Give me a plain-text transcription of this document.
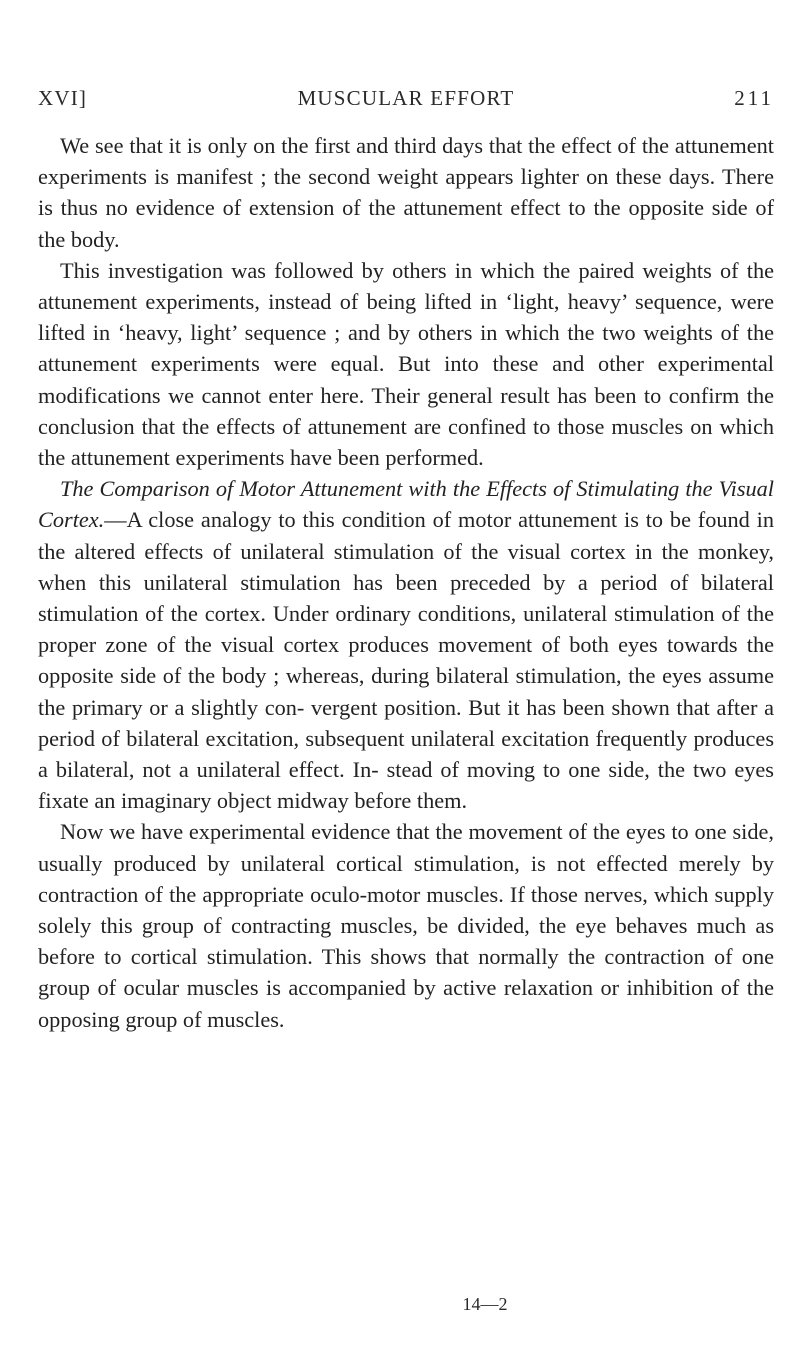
XVI]	MUSCULAR EFFORT	211

We see that it is only on the first and third days that the effect of the attunement experiments is manifest ; the second weight appears lighter on these days. There is thus no evidence of extension of the attunement effect to the opposite side of the body.

This investigation was followed by others in which the paired weights of the attunement experiments, instead of being lifted in ‘light, heavy’ sequence, were lifted in ‘heavy, light’ sequence ; and by others in which the two weights of the attunement experiments were equal. But into these and other experimental modifications we cannot enter here. Their general result has been to confirm the conclusion that the effects of attunement are confined to those muscles on which the attunement experiments have been performed.

The Comparison of Motor Attunement with the Effects of Stimulating the Visual Cortex.—A close analogy to this condition of motor attunement is to be found in the altered effects of unilateral stimulation of the visual cortex in the monkey, when this unilateral stimulation has been preceded by a period of bilateral stimulation of the cortex. Under ordinary conditions, unilateral stimulation of the proper zone of the visual cortex produces movement of both eyes towards the opposite side of the body ; whereas, during bilateral stimulation, the eyes assume the primary or a slightly con- vergent position. But it has been shown that after a period of bilateral excitation, subsequent unilateral excitation frequently produces a bilateral, not a unilateral effect. In- stead of moving to one side, the two eyes fixate an imaginary object midway before them.

Now we have experimental evidence that the movement of the eyes to one side, usually produced by unilateral cortical stimulation, is not effected merely by contraction of the appropriate oculo-motor muscles. If those nerves, which supply solely this group of contracting muscles, be divided, the eye behaves much as before to cortical stimulation. This shows that normally the contraction of one group of ocular muscles is accompanied by active relaxation or inhibition of the opposing group of muscles.

14—2
